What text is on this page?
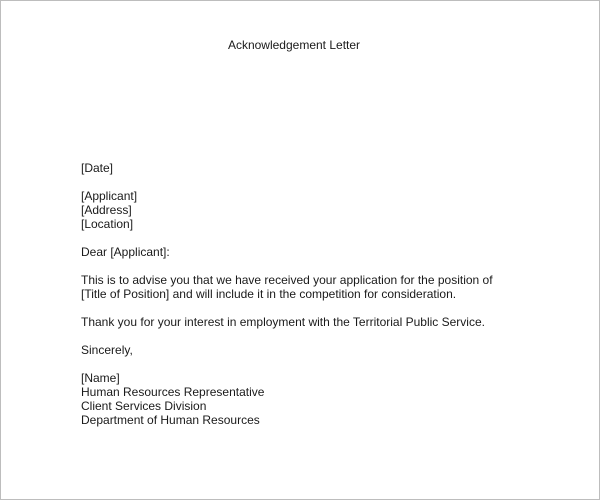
Acknowledgement Letter
[Date]
[Applicant]
[Address]
[Location]
Dear [Applicant]:
This is to advise you that we have received your application for the position of
[Title of Position] and will include it in the competition for consideration.
Thank you for your interest in employment with the Territorial Public Service.
Sincerely,
[Name]
Human Resources Representative
Client Services Division
Department of Human Resources
